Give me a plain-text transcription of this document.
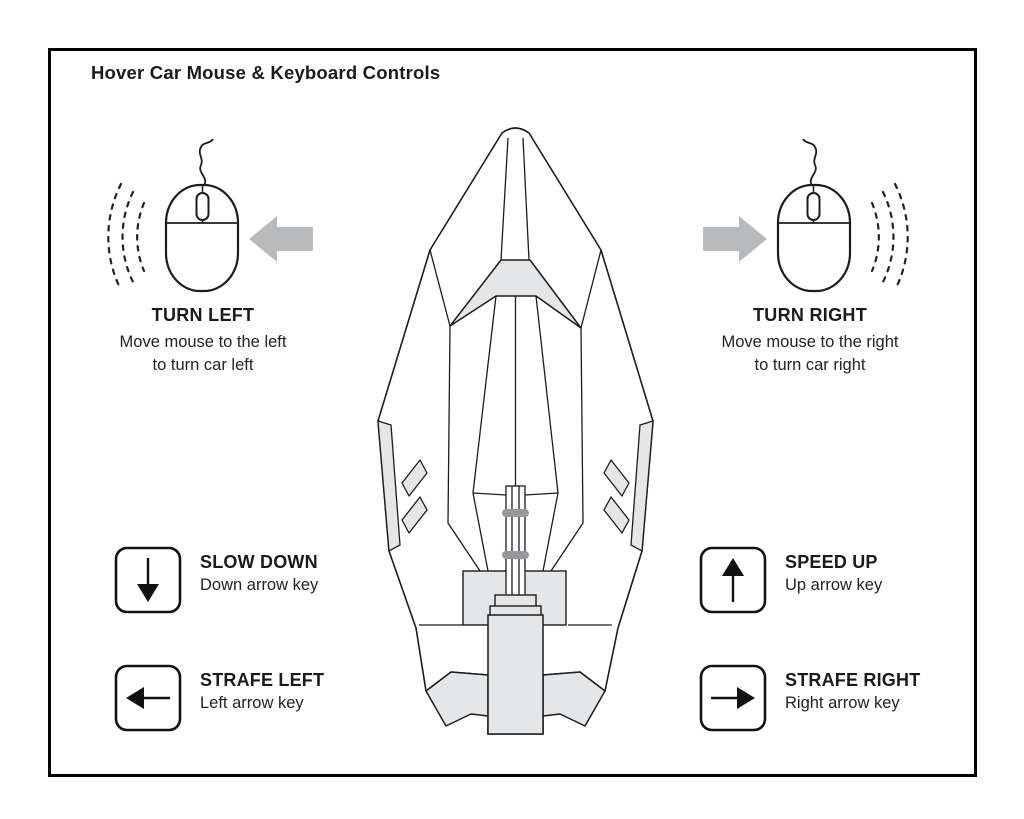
Hover Car Mouse & Keyboard Controls
TURN LEFT
Move mouse to the left
to turn car left
TURN RIGHT
Move mouse to the right
to turn car right
SLOW DOWN
Down arrow key
STRAFE LEFT
Left arrow key
SPEED UP
Up arrow key
STRAFE RIGHT
Right arrow key
